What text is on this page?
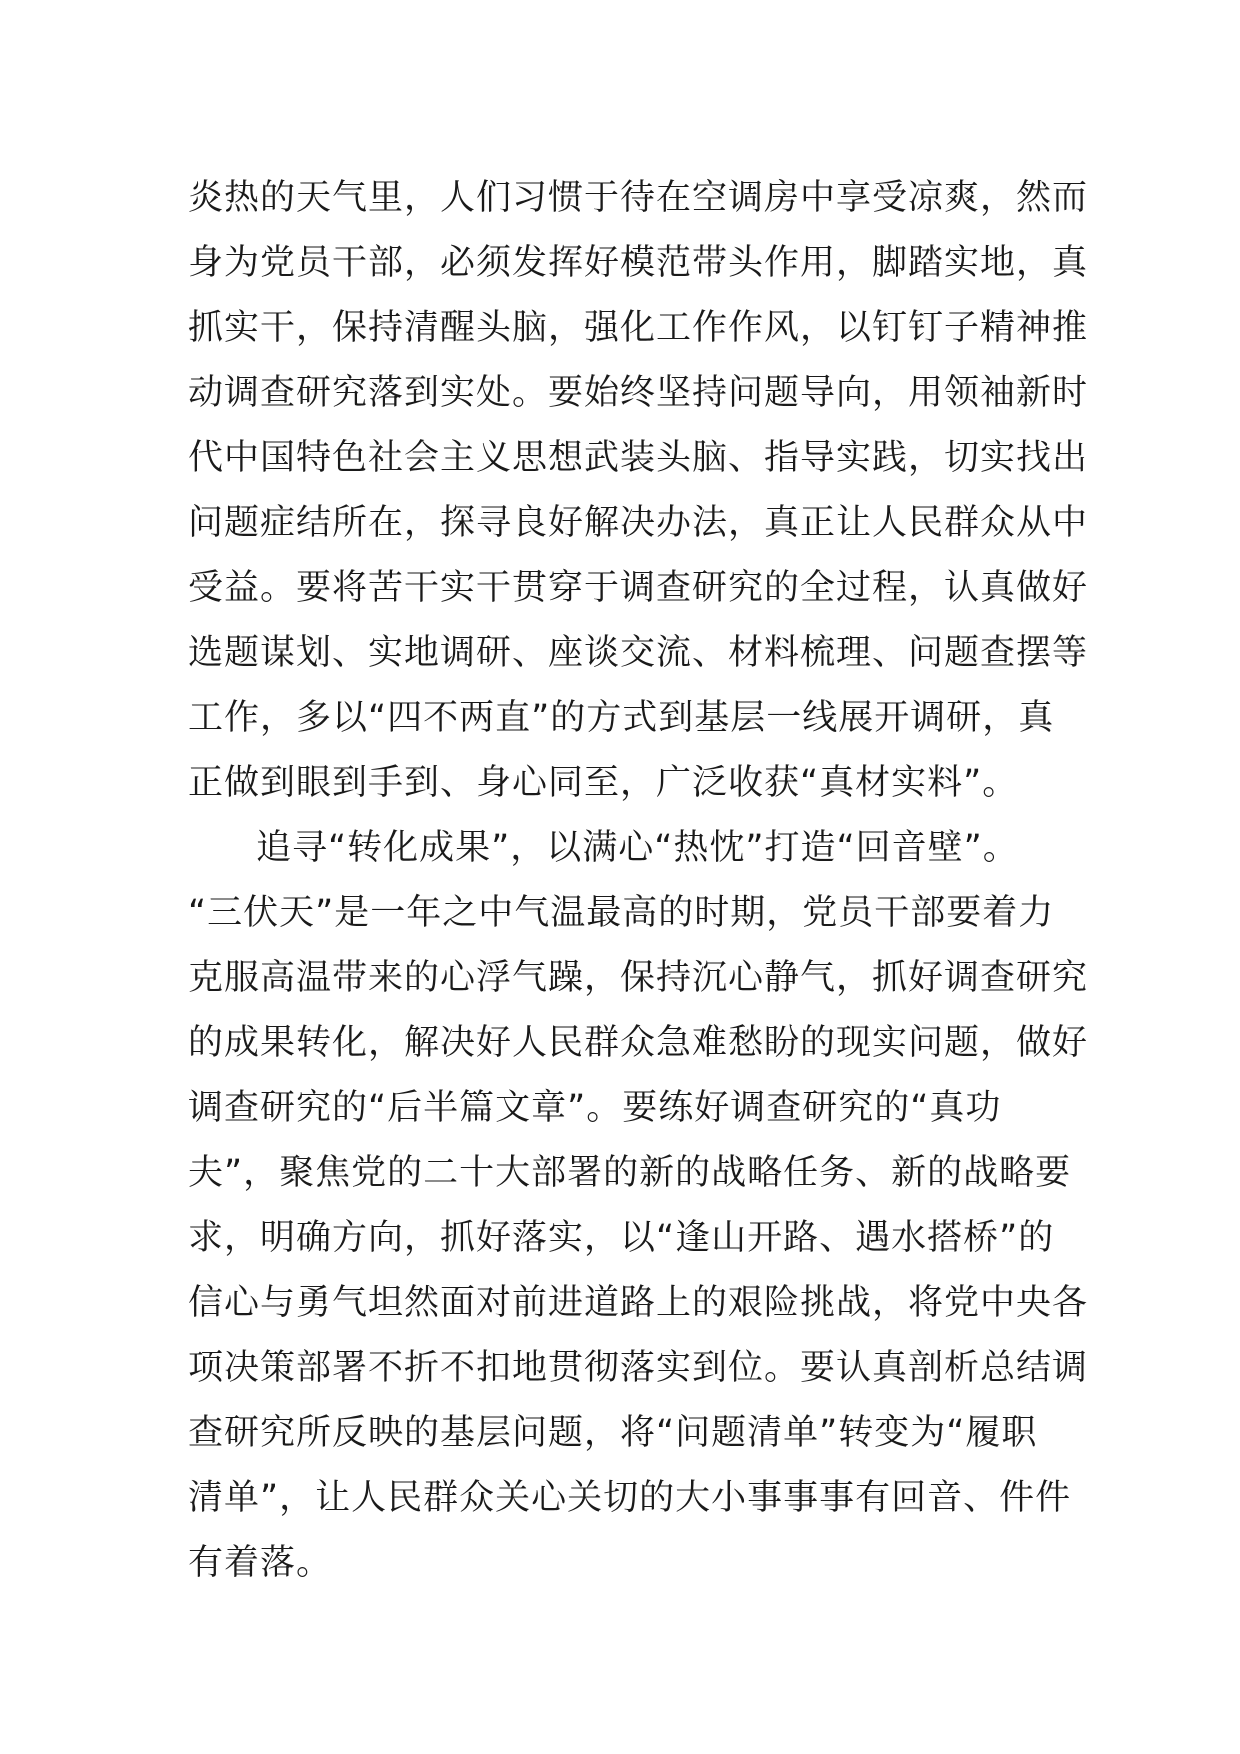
炎热的天气里，人们习惯于待在空调房中享受凉爽，然而
身为党员干部，必须发挥好模范带头作用，脚踏实地，真
抓实干，保持清醒头脑，强化工作作风，以钉钉子精神推
动调查研究落到实处。要始终坚持问题导向，用领袖新时
代中国特色社会主义思想武装头脑、指导实践，切实找出
问题症结所在，探寻良好解决办法，真正让人民群众从中
受益。要将苦干实干贯穿于调查研究的全过程，认真做好
选题谋划、实地调研、座谈交流、材料梳理、问题查摆等
工作，多以“四不两直”的方式到基层一线展开调研，真
正做到眼到手到、身心同至，广泛收获“真材实料”。
追寻“转化成果”，以满心“热忱”打造“回音壁”。
“三伏天”是一年之中气温最高的时期，党员干部要着力
克服高温带来的心浮气躁，保持沉心静气，抓好调查研究
的成果转化，解决好人民群众急难愁盼的现实问题，做好
调查研究的“后半篇文章”。要练好调查研究的“真功
夫”，聚焦党的二十大部署的新的战略任务、新的战略要
求，明确方向，抓好落实，以“逢山开路、遇水搭桥”的
信心与勇气坦然面对前进道路上的艰险挑战，将党中央各
项决策部署不折不扣地贯彻落实到位。要认真剖析总结调
查研究所反映的基层问题，将“问题清单”转变为“履职
清单”，让人民群众关心关切的大小事事事有回音、件件
有着落。
